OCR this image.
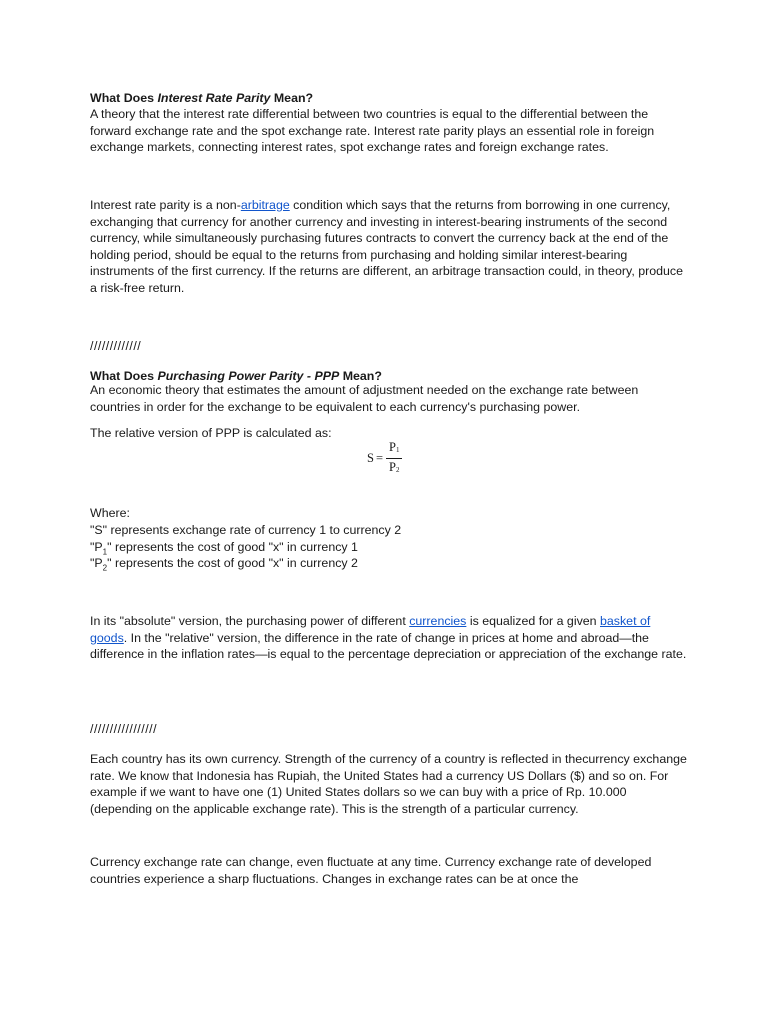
What Does Interest Rate Parity Mean?

A theory that the interest rate differential between two countries is equal to the differential between the forward exchange rate and the spot exchange rate. Interest rate parity plays an essential role in foreign exchange markets, connecting interest rates, spot exchange rates and foreign exchange rates.

Interest rate parity is a non-arbitrage condition which says that the returns from borrowing in one currency, exchanging that currency for another currency and investing in interest-bearing instruments of the second currency, while simultaneously purchasing futures contracts to convert the currency back at the end of the holding period, should be equal to the returns from purchasing and holding similar interest-bearing instruments of the first currency. If the returns are different, an arbitrage transaction could, in theory, produce a risk-free return.

/////////////

What Does Purchasing Power Parity - PPP Mean?

An economic theory that estimates the amount of adjustment needed on the exchange rate between countries in order for the exchange to be equivalent to each currency's purchasing power.

The relative version of PPP is calculated as:

$S = \frac{P_1}{P_2}$

Where:

"S" represents exchange rate of currency 1 to currency 2

"$P_1$" represents the cost of good "x" in currency 1

"$P_2$" represents the cost of good "x" in currency 2

In its "absolute" version, the purchasing power of different currencies is equalized for a given basket of goods. In the "relative" version, the difference in the rate of change in prices at home and abroad—the difference in the inflation rates—is equal to the percentage depreciation or appreciation of the exchange rate.

/////////////////

Each country has its own currency. Strength of the currency of a country is reflected in thecurrency exchange rate. We know that Indonesia has Rupiah, the United States had a currency US Dollars ($) and so on. For example if we want to have one (1) United States dollars so we can buy with a price of Rp. 10.000 (depending on the applicable exchange rate). This is the strength of a particular currency.

Currency exchange rate can change, even fluctuate at any time. Currency exchange rate of developed countries experience a sharp fluctuations. Changes in exchange rates can be at once the
